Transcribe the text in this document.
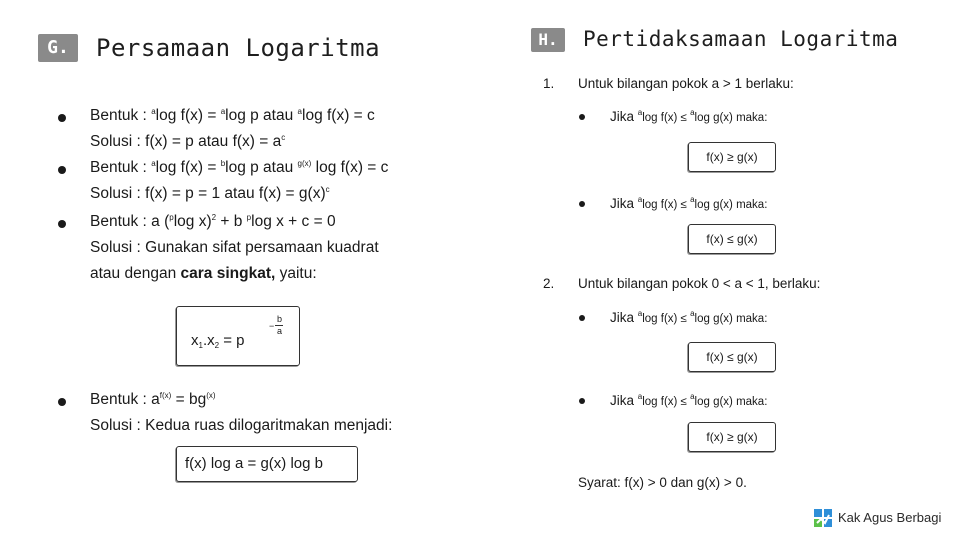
G.	Persamaan Logaritma
Bentuk : $^a$log f(x) = $^a$log p atau $^a$log f(x) = c
Solusi : f(x) = p atau $f(x) = a^c$
Bentuk : $^a$log f(x) = $^b$log p atau $^{g(x)}$ log f(x) = c
Solusi : f(x) = p = 1 atau $f(x) = g(x)^c$
Bentuk : a ($^p$log x)$^2$ + b $^p$log x + c = 0
Solusi : Gunakan sifat persamaan kuadrat
atau dengan cara singkat, yaitu:
$x_1.x_2 = p$
−
b
a
Bentuk : $a^{f(x)} = bg^{(x)}$
Solusi : Kedua ruas dilogaritmakan menjadi:
f(x) log a = g(x) log b
H.	Pertidaksamaan Logaritma
1. Untuk bilangan pokok a > 1 berlaku:
Jika $^a$log f(x) ≤ $^a$log g(x) maka:
f(x) ≥ g(x)
Jika $^a$log f(x) ≤ $^a$log g(x) maka:
f(x) ≤ g(x)
2. Untuk bilangan pokok 0 < a < 1, berlaku:
Jika $^a$log f(x) ≤ $^a$log g(x) maka:
f(x) ≤ g(x)
Jika $^a$log f(x) ≤ $^a$log g(x) maka:
f(x) ≥ g(x)
Syarat: f(x) > 0 dan g(x) > 0.
Kak Agus Berbagi
